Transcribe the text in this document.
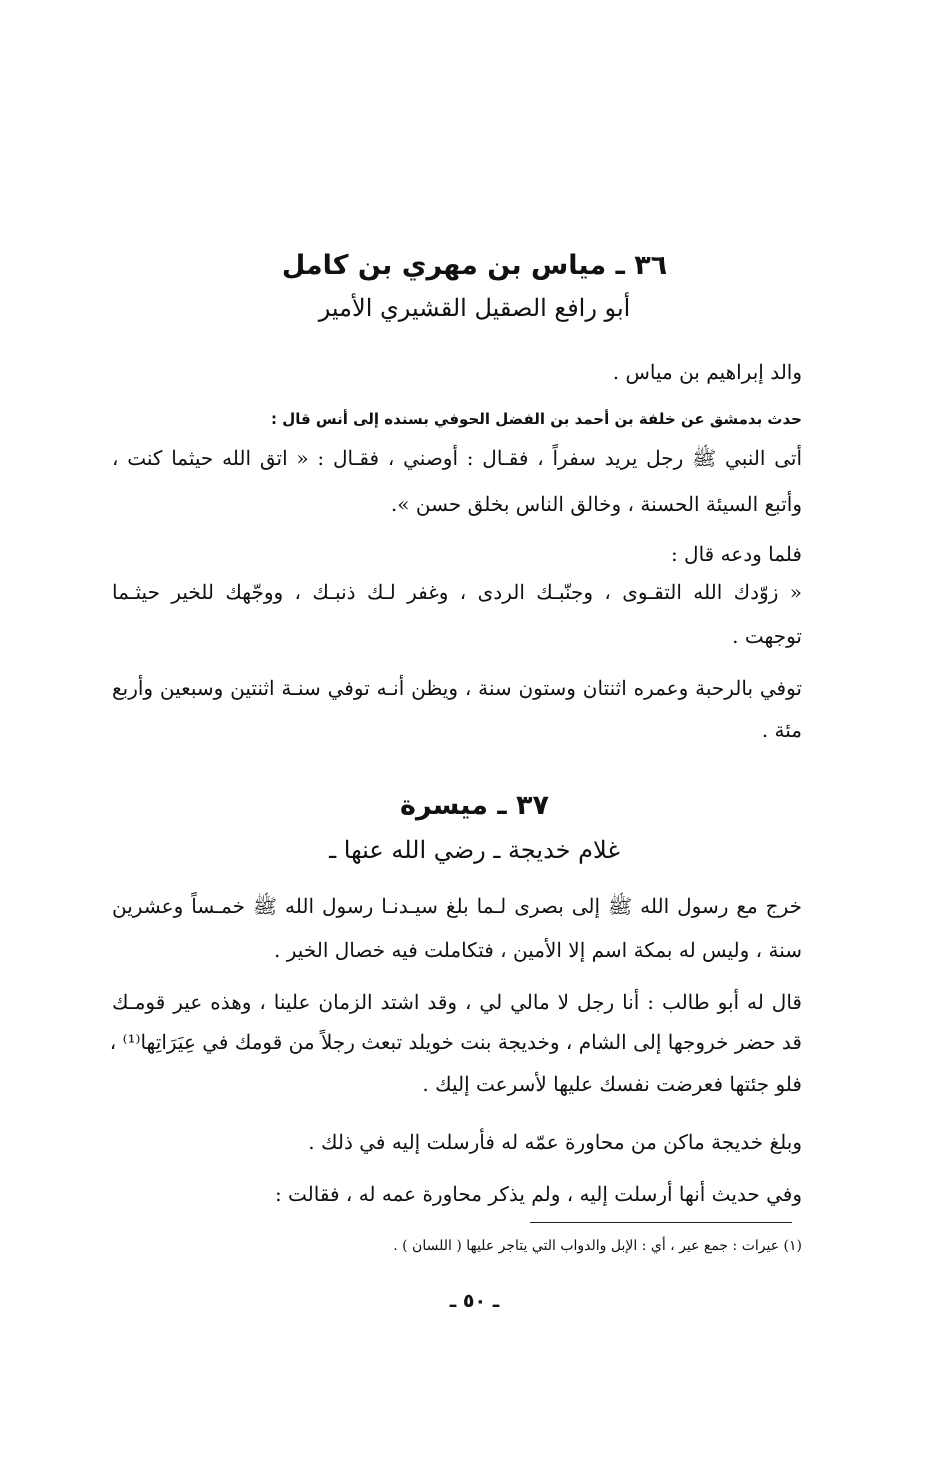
٣٦ ـ مياس بن مهري بن كامل
أبو رافع الصقيل القشيري الأمير
والد إبراهيم بن مياس .
حدث بدمشق عن خلفة بن أحمد بن الفضل الحوفي بسنده إلى أنس قال :
أتى النبي ﷺ رجل يريد سفراً ، فقـال : أوصني ، فقـال : « اتق الله حيثما كنت ،
وأتبع السيئة الحسنة ، وخالق الناس بخلق حسن ».
فلما ودعه قال :
« زوّدك الله التقـوى ، وجنّبـك الردى ، وغفر لـك ذنبـك ، ووجّهك للخير حيثـما
توجهت .
توفي بالرحبة وعمره اثنتان وستون سنة ، ويظن أنـه توفي سنـة اثنتين وسبعين وأربع
مئة .
٣٧ ـ ميسرة
غلام خديجة ـ رضي الله عنها ـ
خرج مع رسول الله ﷺ إلى بصرى لـما بلغ سيـدنـا رسول الله ﷺ خمـساً وعشرين
سنة ، وليس له بمكة اسم إلا الأمين ، فتكاملت فيه خصال الخير .
قال له أبو طالب : أنا رجل لا مالي لي ، وقد اشتد الزمان علينا ، وهذه عير قومـك
قد حضر خروجها إلى الشام ، وخديجة بنت خويلد تبعث رجلاً من قومك في عِيَرَاتِها⁽¹⁾ ،
فلو جئتها فعرضت نفسك عليها لأسرعت إليك .
وبلغ خديجة ماكن من محاورة عمّه له فأرسلت إليه في ذلك .
وفي حديث أنها أرسلت إليه ، ولم يذكر محاورة عمه له ، فقالت :
(١) عيرات : جمع عير ، أي : الإبل والدواب التي يتاجر عليها ( اللسان ) .
ـ ٥٠ ـ
